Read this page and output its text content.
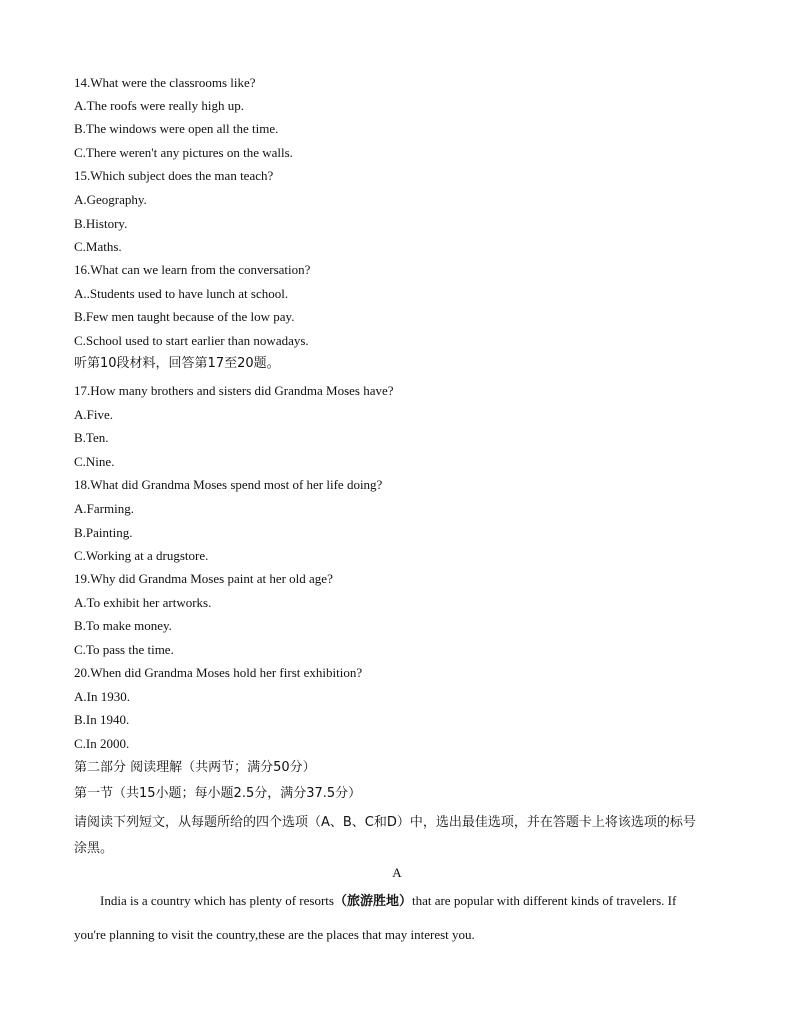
14.What were the classrooms like?
A.The roofs were really high up.
B.The windows were open all the time.
C.There weren't any pictures on the walls.
15.Which subject does the man teach?
A.Geography.
B.History.
C.Maths.
16.What can we learn from the conversation?
A..Students used to have lunch at school.
B.Few men taught because of the low pay.
C.School used to start earlier than nowadays.
听第10段材料，回答第17至20题。
17.How many brothers and sisters did Grandma Moses have?
A.Five.
B.Ten.
C.Nine.
18.What did Grandma Moses spend most of her life doing?
A.Farming.
B.Painting.
C.Working at a drugstore.
19.Why did Grandma Moses paint at her old age?
A.To exhibit her artworks.
B.To make money.
C.To pass the time.
20.When did Grandma Moses hold her first exhibition?
A.In 1930.
B.In 1940.
C.In 2000.
第二部分 阅读理解（共两节；满分50分）
第一节（共15小题；每小题2.5分，满分37.5分）
请阅读下列短文，从每题所给的四个选项（A、B、C和D）中，选出最佳选项，并在答题卡上将该选项的标号
涂黑。
A
India is a country which has plenty of resorts（旅游胜地）that are popular with different kinds of travelers. If
you're planning to visit the country,these are the places that may interest you.
